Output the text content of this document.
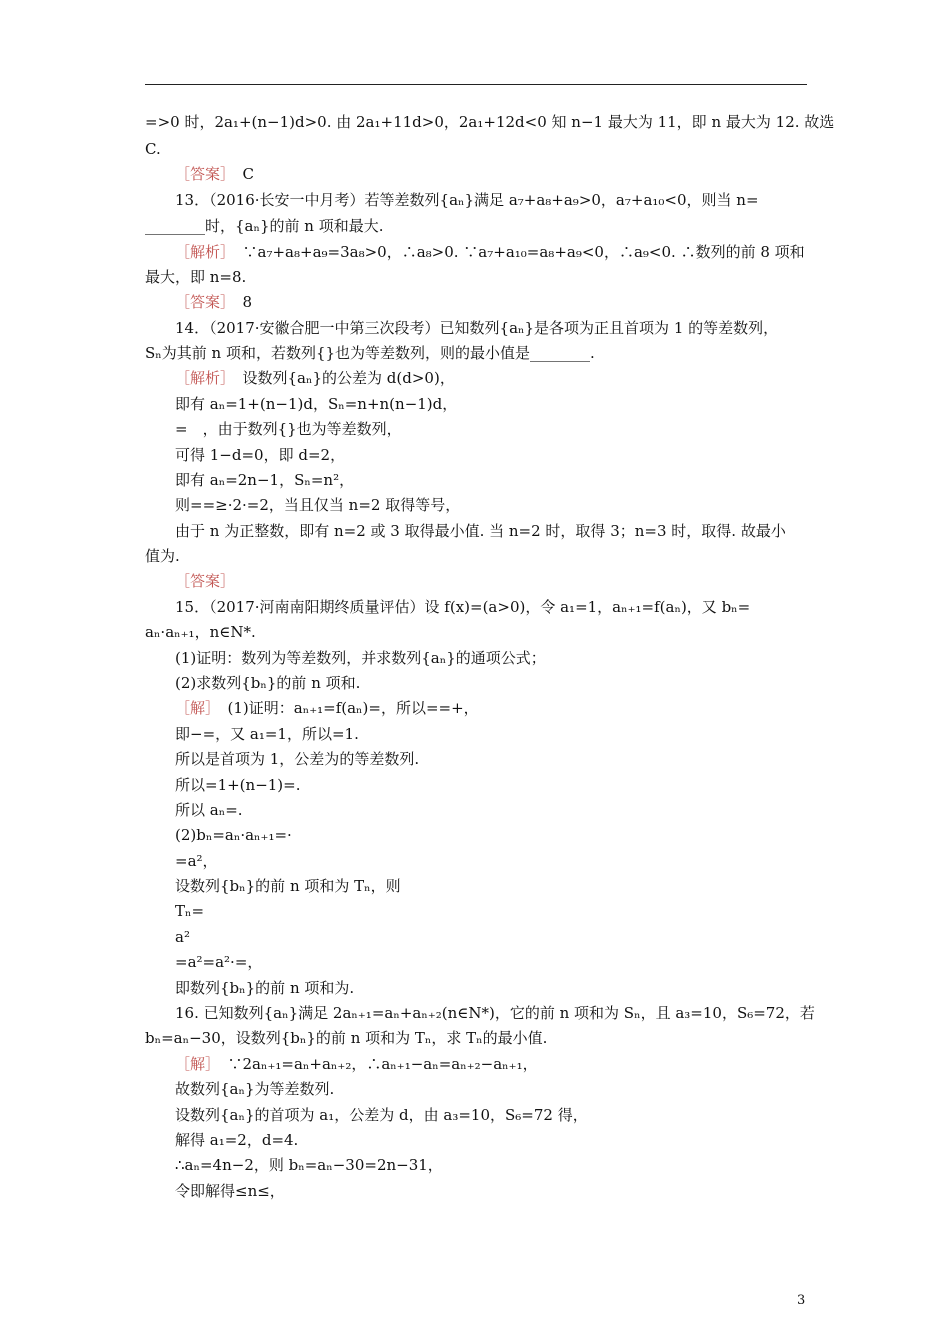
=>0 时，2a₁+(n−1)d>0. 由 2a₁+11d>0，2a₁+12d<0 知 n−1 最大为 11，即 n 最大为 12. 故选
C.
［答案］　C
13．（2016·长安一中月考）若等差数列{aₙ}满足 a₇+a₈+a₉>0，a₇+a₁₀<0，则当 n=
________时，{aₙ}的前 n 项和最大.
［解析］　∵a₇+a₈+a₉=3a₈>0，∴a₈>0. ∵a₇+a₁₀=a₈+a₉<0，∴a₉<0. ∴数列的前 8 项和
最大，即 n=8.
［答案］　8
14．（2017·安徽合肥一中第三次段考）已知数列{aₙ}是各项为正且首项为 1 的等差数列，
Sₙ为其前 n 项和，若数列{}也为等差数列，则的最小值是________.
［解析］　设数列{aₙ}的公差为 d(d>0)，
即有 aₙ=1+(n−1)d，Sₙ=n+n(n−1)d，
=　，由于数列{}也为等差数列，
可得 1−d=0，即 d=2，
即有 aₙ=2n−1，Sₙ=n²，
则==≥·2·=2，当且仅当 n=2 取得等号，
由于 n 为正整数，即有 n=2 或 3 取得最小值. 当 n=2 时，取得 3；n=3 时，取得. 故最小
值为.
［答案］
15．（2017·河南南阳期终质量评估）设 f(x)=(a>0)，令 a₁=1，aₙ₊₁=f(aₙ)，又 bₙ=
aₙ·aₙ₊₁，n∈N*.
(1)证明：数列为等差数列，并求数列{aₙ}的通项公式；
(2)求数列{bₙ}的前 n 项和.
［解］　(1)证明：aₙ₊₁=f(aₙ)=，所以==+，
即−=，又 a₁=1，所以=1.
所以是首项为 1，公差为的等差数列.
所以=1+(n−1)=.
所以 aₙ=.
(2)bₙ=aₙ·aₙ₊₁=·
=a²，
设数列{bₙ}的前 n 项和为 Tₙ，则
Tₙ=
a²
=a²=a²·=，
即数列{bₙ}的前 n 项和为.
16. 已知数列{aₙ}满足 2aₙ₊₁=aₙ+aₙ₊₂(n∈N*)，它的前 n 项和为 Sₙ，且 a₃=10，S₆=72，若
bₙ=aₙ−30，设数列{bₙ}的前 n 项和为 Tₙ，求 Tₙ的最小值.
［解］　∵2aₙ₊₁=aₙ+aₙ₊₂，∴aₙ₊₁−aₙ=aₙ₊₂−aₙ₊₁，
故数列{aₙ}为等差数列.
设数列{aₙ}的首项为 a₁，公差为 d，由 a₃=10，S₆=72 得，
解得 a₁=2，d=4.
∴aₙ=4n−2，则 bₙ=aₙ−30=2n−31，
令即解得≤n≤，
3
